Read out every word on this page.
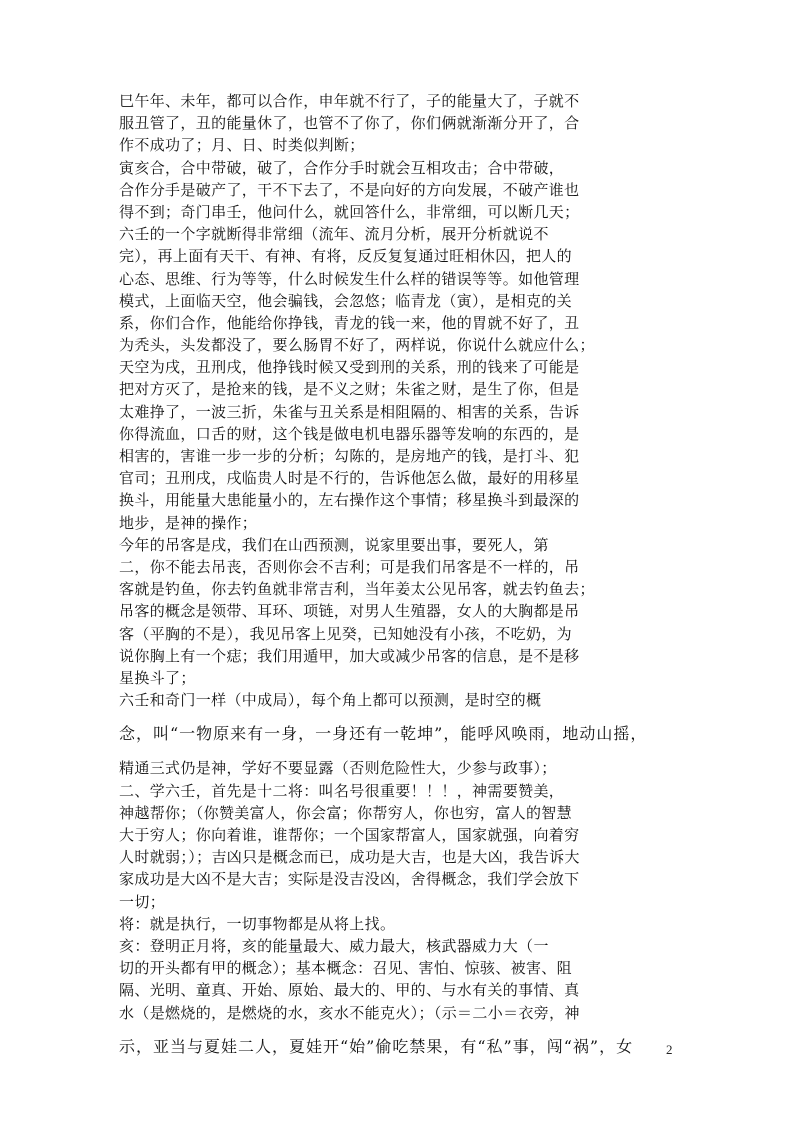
巳午年、未年，都可以合作，申年就不行了，子的能量大了，子就不
服丑管了，丑的能量休了，也管不了你了，你们俩就渐渐分开了，合
作不成功了；月、日、时类似判断；
寅亥合，合中带破，破了，合作分手时就会互相攻击；合中带破，
合作分手是破产了，干不下去了，不是向好的方向发展，不破产谁也
得不到；奇门串壬，他问什么，就回答什么，非常细，可以断几天；
六壬的一个字就断得非常细（流年、流月分析，展开分析就说不
完），再上面有天干、有神、有将，反反复复通过旺相休囚，把人的
心态、思维、行为等等，什么时候发生什么样的错误等等。如他管理
模式，上面临天空，他会骗钱，会忽悠；临青龙（寅），是相克的关
系，你们合作，他能给你挣钱，青龙的钱一来，他的胃就不好了，丑
为秃头，头发都没了，要么肠胃不好了，两样说，你说什么就应什么；
天空为戌，丑刑戌，他挣钱时候又受到刑的关系，刑的钱来了可能是
把对方灭了，是抢来的钱，是不义之财；朱雀之财，是生了你，但是
太难挣了，一波三折，朱雀与丑关系是相阻隔的、相害的关系，告诉
你得流血，口舌的财，这个钱是做电机电器乐器等发响的东西的，是
相害的，害谁一步一步的分析；勾陈的，是房地产的钱，是打斗、犯
官司；丑刑戌，戌临贵人时是不行的，告诉他怎么做，最好的用移星
换斗，用能量大患能量小的，左右操作这个事情；移星换斗到最深的
地步，是神的操作；
今年的吊客是戌，我们在山西预测，说家里要出事，要死人，第
二，你不能去吊丧，否则你会不吉利；可是我们吊客是不一样的，吊
客就是钓鱼，你去钓鱼就非常吉利，当年姜太公见吊客，就去钓鱼去；
吊客的概念是领带、耳环、项链，对男人生殖器，女人的大胸都是吊
客（平胸的不是），我见吊客上见癸，已知她没有小孩，不吃奶，为
说你胸上有一个痣；我们用遁甲，加大或减少吊客的信息，是不是移
星换斗了；
六壬和奇门一样（中成局），每个角上都可以预测，是时空的概
念，叫“一物原来有一身，一身还有一乾坤”，能呼风唤雨，地动山摇，
精通三式仍是神，学好不要显露（否则危险性大，少参与政事）；
二、学六壬，首先是十二将：叫名号很重要！！！，神需要赞美，
神越帮你；（你赞美富人，你会富；你帮穷人，你也穷，富人的智慧
大于穷人；你向着谁，谁帮你；一个国家帮富人，国家就强，向着穷
人时就弱；）；吉凶只是概念而已，成功是大吉，也是大凶，我告诉大
家成功是大凶不是大吉；实际是没吉没凶，舍得概念，我们学会放下
一切；
将：就是执行，一切事物都是从将上找。
亥：登明正月将，亥的能量最大、威力最大，核武器威力大（一
切的开头都有甲的概念）；基本概念：召见、害怕、惊骇、被害、阻
隔、光明、童真、开始、原始、最大的、甲的、与水有关的事情、真
水（是燃烧的，是燃烧的水，亥水不能克火）；（示＝二小＝衣旁，神
示，亚当与夏娃二人，夏娃开“始”偷吃禁果，有“私”事，闯“祸”，女	2
